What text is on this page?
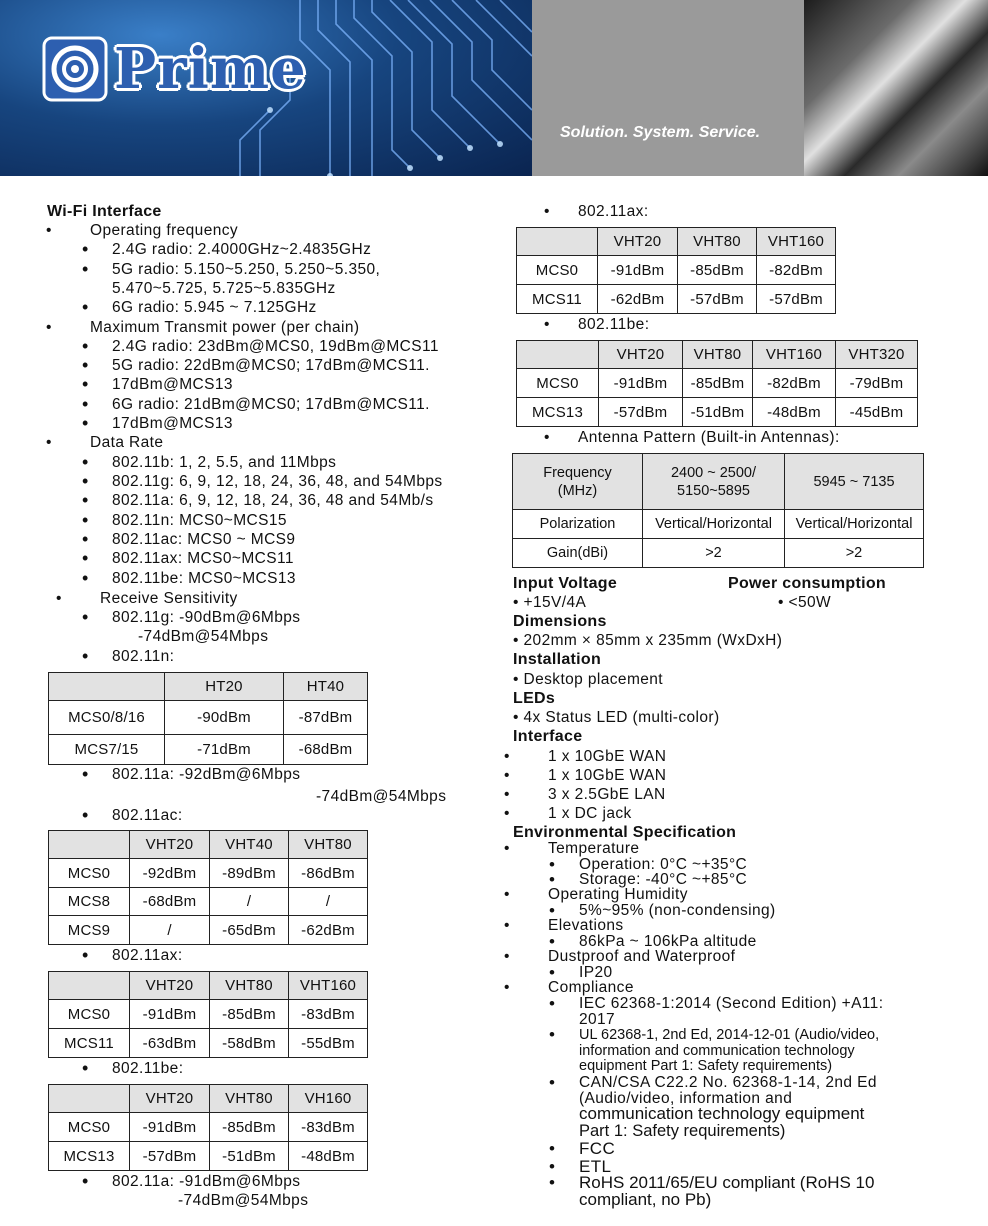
Prime
Solution. System. Service.
Wi-Fi Interface
• Operating frequency
• 2.4G radio: 2.4000GHz~2.4835GHz
• 5G radio: 5.150~5.250, 5.250~5.350,
5.470~5.725, 5.725~5.835GHz
• 6G radio: 5.945 ~ 7.125GHz
• Maximum Transmit power (per chain)
• 2.4G radio: 23dBm@MCS0, 19dBm@MCS11
• 5G radio: 22dBm@MCS0; 17dBm@MCS11.
• 17dBm@MCS13
• 6G radio: 21dBm@MCS0; 17dBm@MCS11.
• 17dBm@MCS13
• Data Rate
• 802.11b: 1, 2, 5.5, and 11Mbps
• 802.11g: 6, 9, 12, 18, 24, 36, 48, and 54Mbps
• 802.11a: 6, 9, 12, 18, 24, 36, 48 and 54Mb/s
• 802.11n: MCS0~MCS15
• 802.11ac: MCS0 ~ MCS9
• 802.11ax: MCS0~MCS11
• 802.11be: MCS0~MCS13
• Receive Sensitivity
• 802.11g: -90dBm@6Mbps
-74dBm@54Mbps
• 802.11n:
	HT20	HT40
MCS0/8/16	-90dBm	-87dBm
MCS7/15	-71dBm	-68dBm
• 802.11a: -92dBm@6Mbps
-74dBm@54Mbps
• 802.11ac:
	VHT20	VHT40	VHT80
MCS0	-92dBm	-89dBm	-86dBm
MCS8	-68dBm	/	/
MCS9	/	-65dBm	-62dBm
• 802.11ax:
	VHT20	VHT80	VHT160
MCS0	-91dBm	-85dBm	-83dBm
MCS11	-63dBm	-58dBm	-55dBm
• 802.11be:
	VHT20	VHT80	VH160
MCS0	-91dBm	-85dBm	-83dBm
MCS13	-57dBm	-51dBm	-48dBm
• 802.11a: -91dBm@6Mbps
-74dBm@54Mbps
• 802.11ax:
	VHT20	VHT80	VHT160
MCS0	-91dBm	-85dBm	-82dBm
MCS11	-62dBm	-57dBm	-57dBm
• 802.11be:
	VHT20	VHT80	VHT160	VHT320
MCS0	-91dBm	-85dBm	-82dBm	-79dBm
MCS13	-57dBm	-51dBm	-48dBm	-45dBm
• Antenna Pattern (Built-in Antennas):
Frequency
(MHz)	2400 ~ 2500/
5150~5895	5945 ~ 7135
Polarization	Vertical/Horizontal	Vertical/Horizontal
Gain(dBi)	>2	>2
Input Voltage	Power consumption
• +15V/4A	• <50W
Dimensions
• 202mm × 85mm x 235mm (WxDxH)
Installation
• Desktop placement
LEDs
• 4x Status LED (multi-color)
Interface
• 1 x 10GbE WAN
• 1 x 10GbE WAN
• 3 x 2.5GbE LAN
• 1 x DC jack
Environmental Specification
• Temperature
• Operation: 0°C ~+35°C
• Storage: -40°C ~+85°C
• Operating Humidity
• 5%~95% (non-condensing)
• Elevations
• 86kPa ~ 106kPa altitude
• Dustproof and Waterproof
• IP20
• Compliance
• IEC 62368-1:2014 (Second Edition) +A11:
2017
• UL 62368-1, 2nd Ed, 2014-12-01 (Audio/video,
information and communication technology
equipment Part 1: Safety requirements)
• CAN/CSA C22.2 No. 62368-1-14, 2nd Ed
(Audio/video, information and
communication technology equipment
Part 1: Safety requirements)
• FCC
• ETL
• RoHS 2011/65/EU compliant (RoHS 10
compliant, no Pb)
